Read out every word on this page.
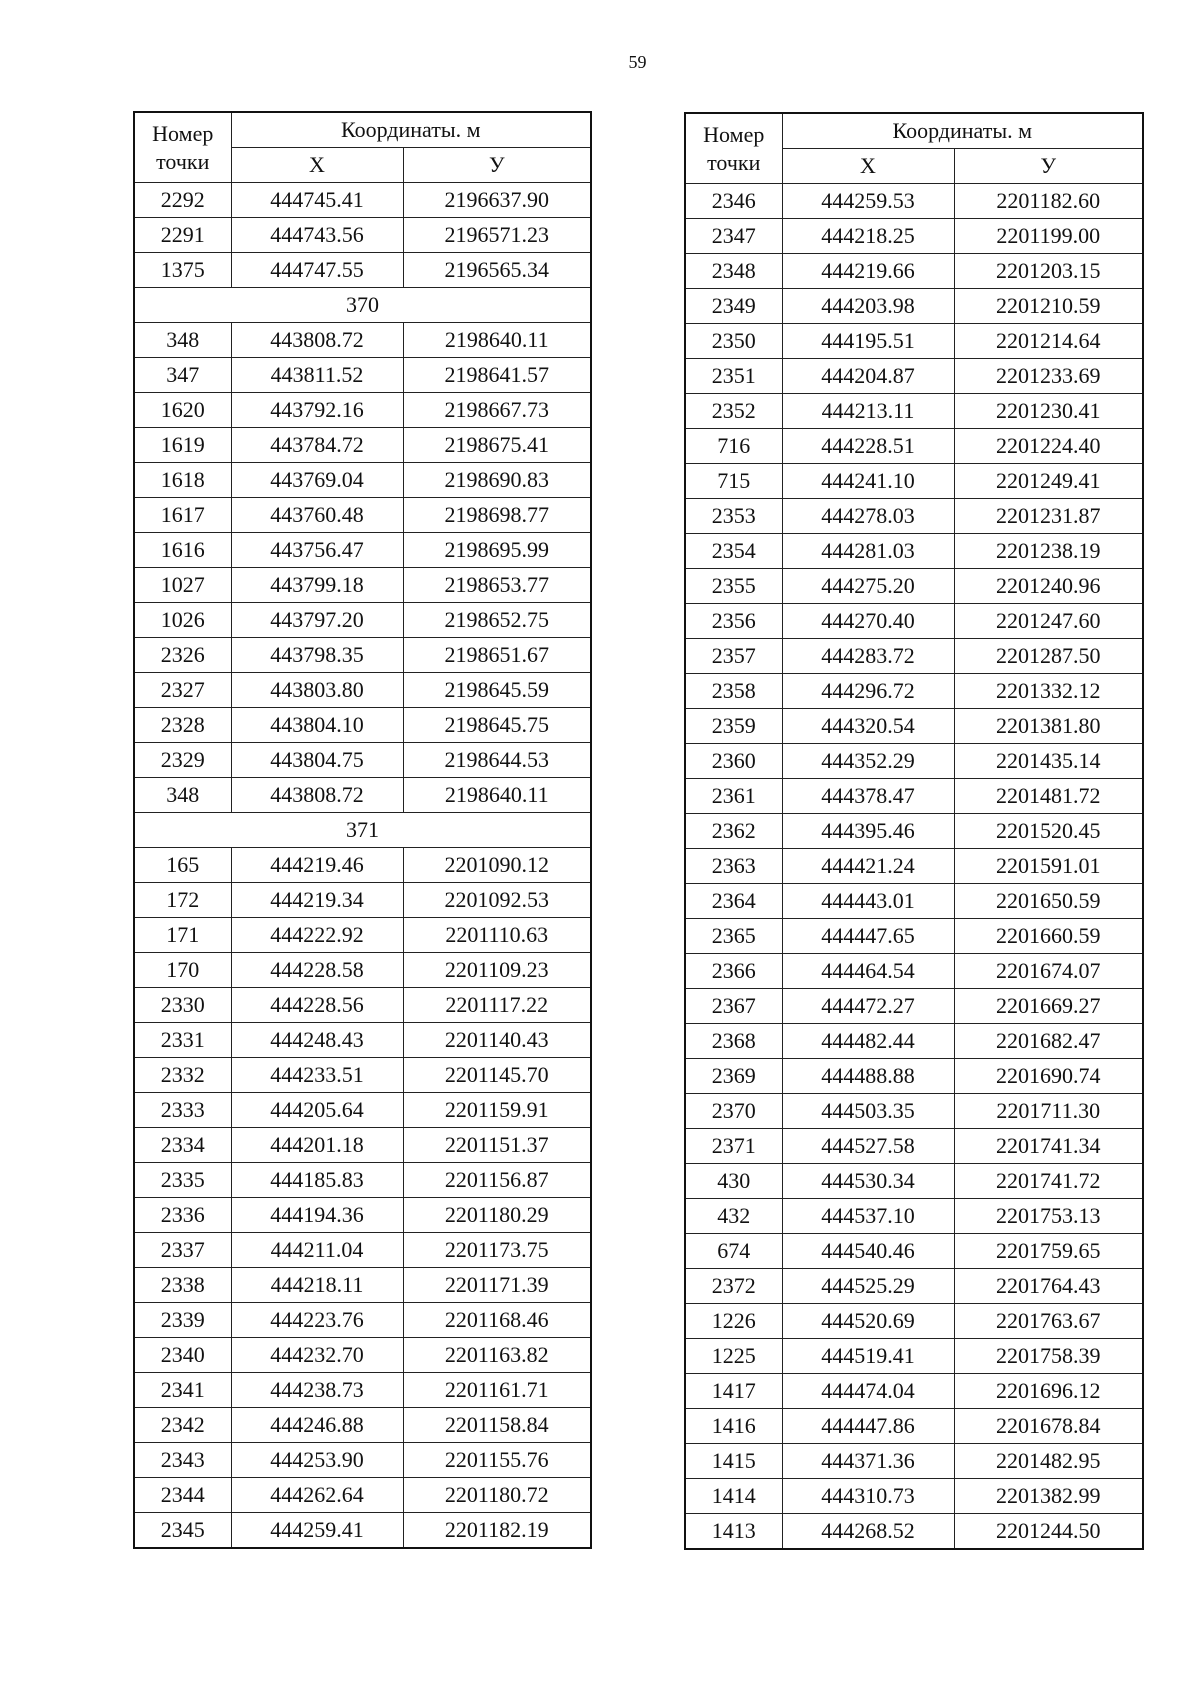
59
Номер
точки	Координаты. м	
	Х	У
2292	444745.41	2196637.90
2291	444743.56	2196571.23
1375	444747.55	2196565.34
370		
348	443808.72	2198640.11
347	443811.52	2198641.57
1620	443792.16	2198667.73
1619	443784.72	2198675.41
1618	443769.04	2198690.83
1617	443760.48	2198698.77
1616	443756.47	2198695.99
1027	443799.18	2198653.77
1026	443797.20	2198652.75
2326	443798.35	2198651.67
2327	443803.80	2198645.59
2328	443804.10	2198645.75
2329	443804.75	2198644.53
348	443808.72	2198640.11
371		
165	444219.46	2201090.12
172	444219.34	2201092.53
171	444222.92	2201110.63
170	444228.58	2201109.23
2330	444228.56	2201117.22
2331	444248.43	2201140.43
2332	444233.51	2201145.70
2333	444205.64	2201159.91
2334	444201.18	2201151.37
2335	444185.83	2201156.87
2336	444194.36	2201180.29
2337	444211.04	2201173.75
2338	444218.11	2201171.39
2339	444223.76	2201168.46
2340	444232.70	2201163.82
2341	444238.73	2201161.71
2342	444246.88	2201158.84
2343	444253.90	2201155.76
2344	444262.64	2201180.72
2345	444259.41	2201182.19
Номер
точки	Координаты. м	
	Х	У
2346	444259.53	2201182.60
2347	444218.25	2201199.00
2348	444219.66	2201203.15
2349	444203.98	2201210.59
2350	444195.51	2201214.64
2351	444204.87	2201233.69
2352	444213.11	2201230.41
716	444228.51	2201224.40
715	444241.10	2201249.41
2353	444278.03	2201231.87
2354	444281.03	2201238.19
2355	444275.20	2201240.96
2356	444270.40	2201247.60
2357	444283.72	2201287.50
2358	444296.72	2201332.12
2359	444320.54	2201381.80
2360	444352.29	2201435.14
2361	444378.47	2201481.72
2362	444395.46	2201520.45
2363	444421.24	2201591.01
2364	444443.01	2201650.59
2365	444447.65	2201660.59
2366	444464.54	2201674.07
2367	444472.27	2201669.27
2368	444482.44	2201682.47
2369	444488.88	2201690.74
2370	444503.35	2201711.30
2371	444527.58	2201741.34
430	444530.34	2201741.72
432	444537.10	2201753.13
674	444540.46	2201759.65
2372	444525.29	2201764.43
1226	444520.69	2201763.67
1225	444519.41	2201758.39
1417	444474.04	2201696.12
1416	444447.86	2201678.84
1415	444371.36	2201482.95
1414	444310.73	2201382.99
1413	444268.52	2201244.50
